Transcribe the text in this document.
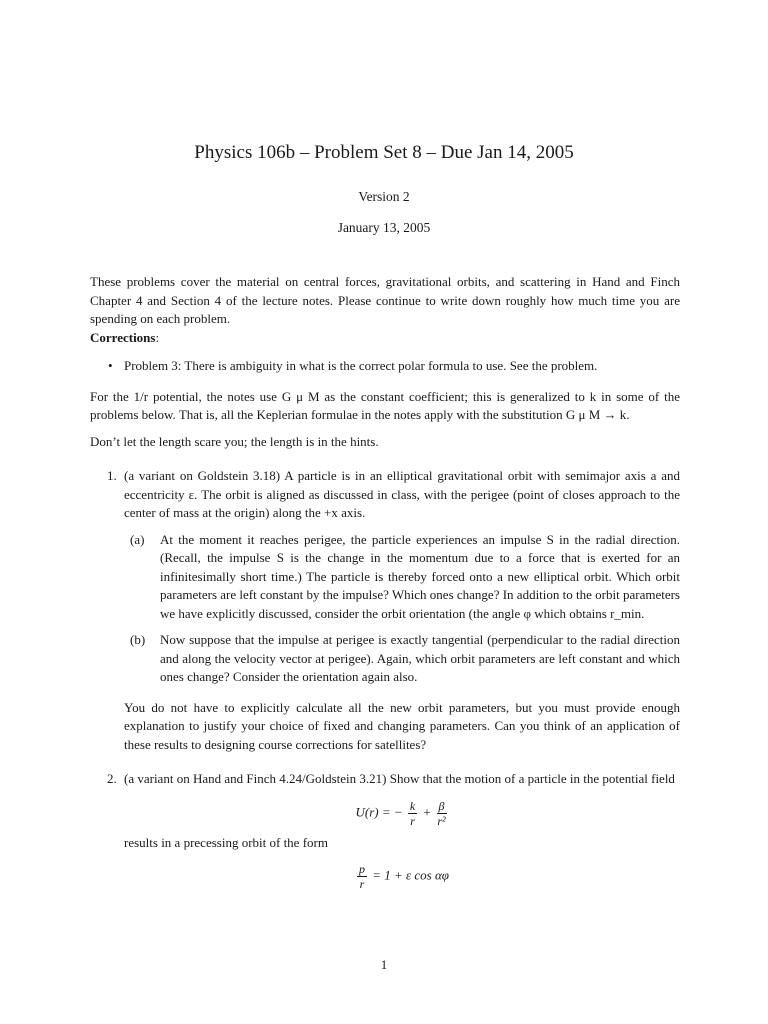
Physics 106b – Problem Set 8 – Due Jan 14, 2005
Version 2
January 13, 2005

These problems cover the material on central forces, gravitational orbits, and scattering in Hand and Finch Chapter 4 and Section 4 of the lecture notes. Please continue to write down roughly how much time you are spending on each problem.

Corrections:

• Problem 3: There is ambiguity in what is the correct polar formula to use. See the problem.

For the 1/r potential, the notes use G μ M as the constant coefficient; this is generalized to k in some of the problems below. That is, all the Keplerian formulae in the notes apply with the substitution G μ M → k.

Don’t let the length scare you; the length is in the hints.

1. (a variant on Goldstein 3.18) A particle is in an elliptical gravitational orbit with semimajor axis a and eccentricity ε. The orbit is aligned as discussed in class, with the perigee (point of closes approach to the center of mass at the origin) along the +x axis.

(a)	At the moment it reaches perigee, the particle experiences an impulse S in the radial direction. (Recall, the impulse S is the change in the momentum due to a force that is exerted for an infinitesimally short time.) The particle is thereby forced onto a new elliptical orbit. Which orbit parameters are left constant by the impulse? Which ones change? In addition to the orbit parameters we have explicitly discussed, consider the orbit orientation (the angle φ which obtains r_min.
(b)	Now suppose that the impulse at perigee is exactly tangential (perpendicular to the radial direction and along the velocity vector at perigee). Again, which orbit parameters are left constant and which ones change? Consider the orientation again also.

You do not have to explicitly calculate all the new orbit parameters, but you must provide enough explanation to justify your choice of fixed and changing parameters. Can you think of an application of these results to designing course corrections for satellites?

2. (a variant on Hand and Finch 4.24/Goldstein 3.21) Show that the motion of a particle in the potential field

U(r) = − $\frac{k}{r} + \frac{\beta}{\text{r²}}$

results in a precessing orbit of the form

$\frac{p}{r} = 1 + \varepsilon$ cos αφ
1
